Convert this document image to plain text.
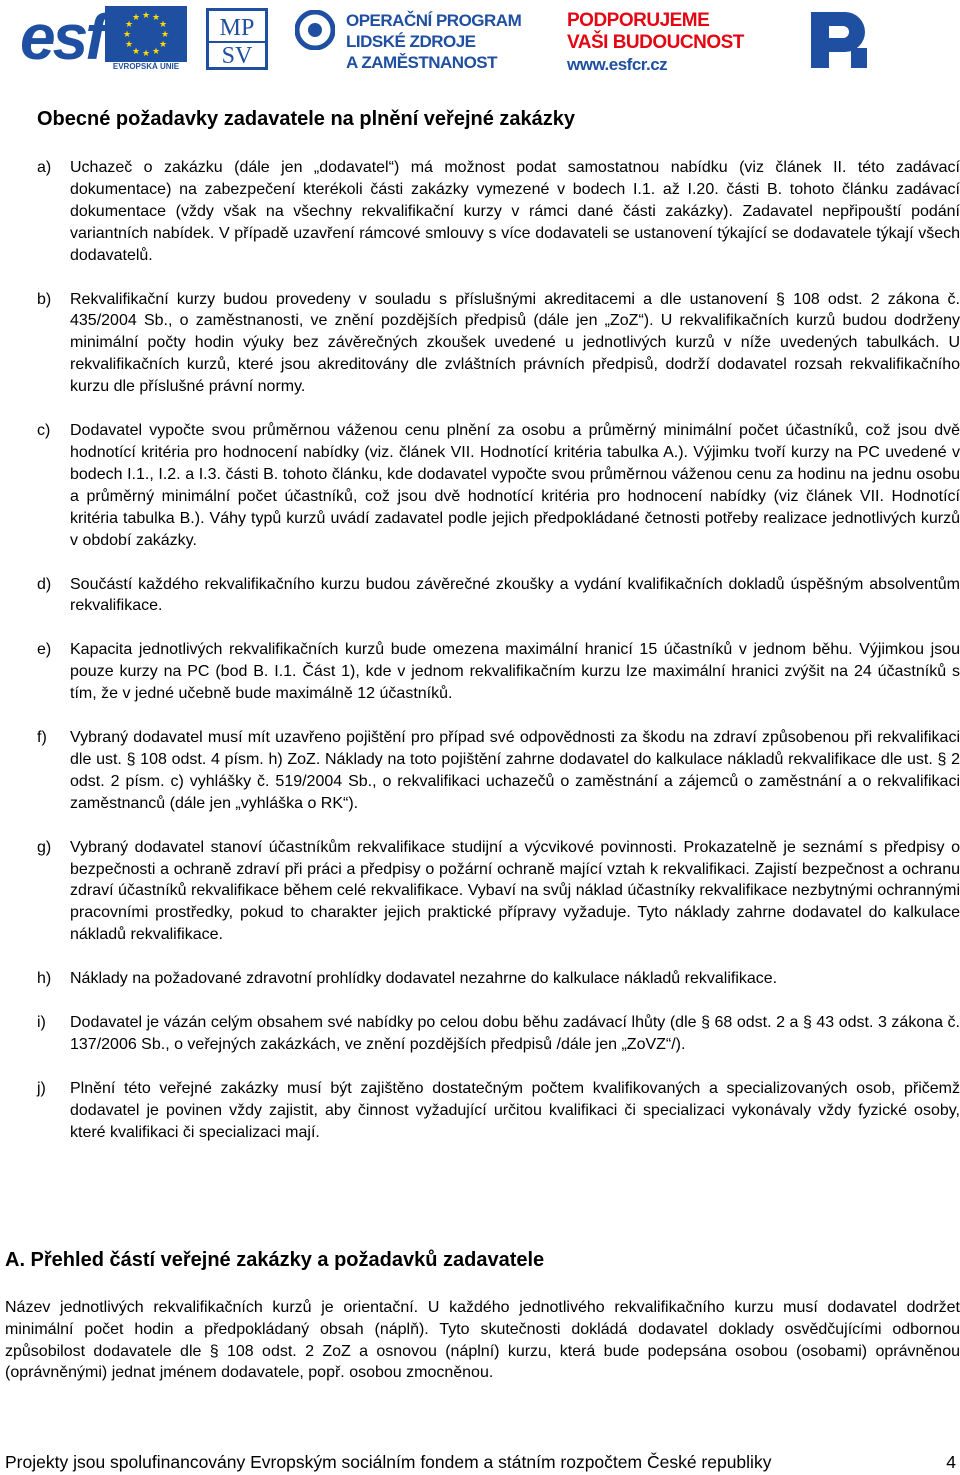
esf	★ ★
★
★
★
★
★
★
★
★
★
★
EVROPSKÁ UNIE
MP
SV
OPERAČNÍ PROGRAM
LIDSKÉ ZDROJE
A ZAMĚSTNANOST
PODPORUJEME
VAŠI BUDOUCNOST
www.esfcr.cz
Obecné požadavky zadavatele na plnění veřejné zakázky
a) Uchazeč o zakázku (dále jen „dodavatel“) má možnost podat samostatnou nabídku (viz článek II. této zadávací dokumentace) na zabezpečení kterékoli části zakázky vymezené v bodech I.1. až I.20. části B. tohoto článku zadávací dokumentace (vždy však na všechny rekvalifikační kurzy v rámci dané části zakázky). Zadavatel nepřipouští podání variantních nabídek. V případě uzavření rámcové smlouvy s více dodavateli se ustanovení týkající se dodavatele týkají všech dodavatelů.
b) Rekvalifikační kurzy budou provedeny v souladu s příslušnými akreditacemi a dle ustanovení § 108 odst. 2 zákona č. 435/2004 Sb., o zaměstnanosti, ve znění pozdějších předpisů (dále jen „ZoZ“). U rekvalifikačních kurzů budou dodrženy minimální počty hodin výuky bez závěrečných zkoušek uvedené u jednotlivých kurzů v níže uvedených tabulkách. U rekvalifikačních kurzů, které jsou akreditovány dle zvláštních právních předpisů, dodrží dodavatel rozsah rekvalifikačního kurzu dle příslušné právní normy.
c) Dodavatel vypočte svou průměrnou váženou cenu plnění za osobu a průměrný minimální počet účastníků, což jsou dvě hodnotící kritéria pro hodnocení nabídky (viz. článek VII. Hodnotící kritéria tabulka A.). Výjimku tvoří kurzy na PC uvedené v bodech I.1., I.2. a I.3. části B. tohoto článku, kde dodavatel vypočte svou průměrnou váženou cenu za hodinu na jednu osobu a průměrný minimální počet účastníků, což jsou dvě hodnotící kritéria pro hodnocení nabídky (viz článek VII. Hodnotící kritéria tabulka B.). Váhy typů kurzů uvádí zadavatel podle jejich předpokládané četnosti potřeby realizace jednotlivých kurzů v období zakázky.
d) Součástí každého rekvalifikačního kurzu budou závěrečné zkoušky a vydání kvalifikačních dokladů úspěšným absolventům rekvalifikace.
e) Kapacita jednotlivých rekvalifikačních kurzů bude omezena maximální hranicí 15 účastníků v jednom běhu. Výjimkou jsou pouze kurzy na PC (bod B. I.1. Část 1), kde v jednom rekvalifikačním kurzu lze maximální hranici zvýšit na 24 účastníků s tím, že v jedné učebně bude maximálně 12 účastníků.
f) Vybraný dodavatel musí mít uzavřeno pojištění pro případ své odpovědnosti za škodu na zdraví způsobenou při rekvalifikaci dle ust. § 108 odst. 4 písm. h) ZoZ. Náklady na toto pojištění zahrne dodavatel do kalkulace nákladů rekvalifikace dle ust. § 2 odst. 2 písm. c) vyhlášky č. 519/2004 Sb., o rekvalifikaci uchazečů o zaměstnání a zájemců o zaměstnání a o rekvalifikaci zaměstnanců (dále jen „vyhláška o RK“).
g) Vybraný dodavatel stanoví účastníkům rekvalifikace studijní a výcvikové povinnosti. Prokazatelně je seznámí s předpisy o bezpečnosti a ochraně zdraví při práci a předpisy o požární ochraně mající vztah k rekvalifikaci. Zajistí bezpečnost a ochranu zdraví účastníků rekvalifikace během celé rekvalifikace. Vybaví na svůj náklad účastníky rekvalifikace nezbytnými ochrannými pracovními prostředky, pokud to charakter jejich praktické přípravy vyžaduje. Tyto náklady zahrne dodavatel do kalkulace nákladů rekvalifikace.
h) Náklady na požadované zdravotní prohlídky dodavatel nezahrne do kalkulace nákladů rekvalifikace.
i) Dodavatel je vázán celým obsahem své nabídky po celou dobu běhu zadávací lhůty (dle § 68 odst. 2 a § 43 odst. 3 zákona č. 137/2006 Sb., o veřejných zakázkách, ve znění pozdějších předpisů /dále jen „ZoVZ“/).
j) Plnění této veřejné zakázky musí být zajištěno dostatečným počtem kvalifikovaných a specializovaných osob, přičemž dodavatel je povinen vždy zajistit, aby činnost vyžadující určitou kvalifikaci či specializaci vykonávaly vždy fyzické osoby, které kvalifikaci či specializaci mají.
A. Přehled částí veřejné zakázky a požadavků zadavatele
Název jednotlivých rekvalifikačních kurzů je orientační. U každého jednotlivého rekvalifikačního kurzu musí dodavatel dodržet minimální počet hodin a předpokládaný obsah (náplň). Tyto skutečnosti dokládá dodavatel doklady osvědčujícími odbornou způsobilost dodavatele dle § 108 odst. 2 ZoZ a osnovou (náplní) kurzu, která bude podepsána osobou (osobami) oprávněnou (oprávněnými) jednat jménem dodavatele, popř. osobou zmocněnou.
Projekty jsou spolufinancovány Evropským sociálním fondem a státním rozpočtem České republiky	4
